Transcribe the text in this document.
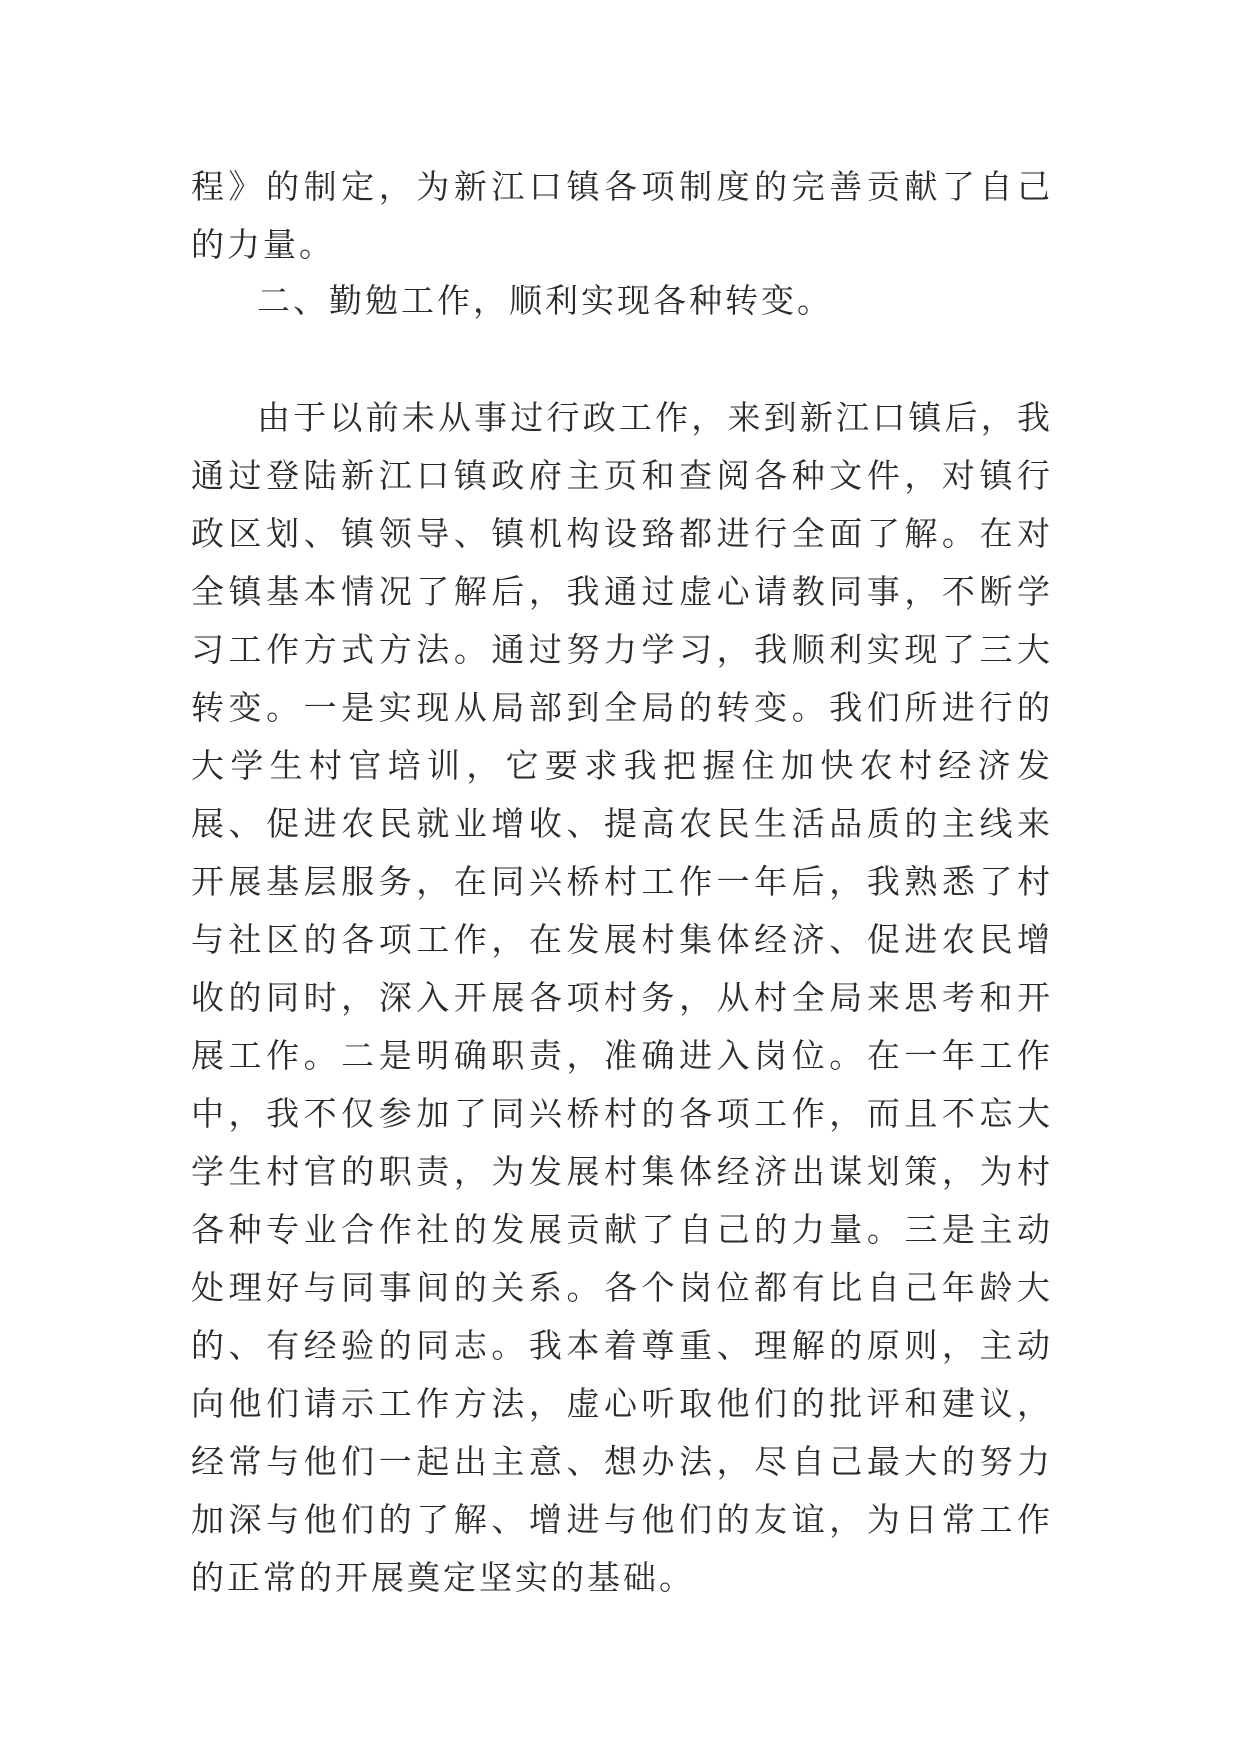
程》的制定，为新江口镇各项制度的完善贡献了自己的力量。

二、勤勉工作，顺利实现各种转变。

由于以前未从事过行政工作，来到新江口镇后，我通过登陆新江口镇政府主页和查阅各种文件，对镇行政区划、镇领导、镇机构设臵都进行全面了解。在对全镇基本情况了解后，我通过虚心请教同事，不断学习工作方式方法。通过努力学习，我顺利实现了三大转变。一是实现从局部到全局的转变。我们所进行的大学生村官培训，它要求我把握住加快农村经济发展、促进农民就业增收、提高农民生活品质的主线来开展基层服务，在同兴桥村工作一年后，我熟悉了村与社区的各项工作，在发展村集体经济、促进农民增收的同时，深入开展各项村务，从村全局来思考和开展工作。二是明确职责，准确进入岗位。在一年工作中，我不仅参加了同兴桥村的各项工作，而且不忘大学生村官的职责，为发展村集体经济出谋划策，为村各种专业合作社的发展贡献了自己的力量。三是主动处理好与同事间的关系。各个岗位都有比自己年龄大的、有经验的同志。我本着尊重、理解的原则，主动向他们请示工作方法，虚心听取他们的批评和建议，经常与他们一起出主意、想办法，尽自己最大的努力加深与他们的了解、增进与他们的友谊，为日常工作的正常的开展奠定坚实的基础。
